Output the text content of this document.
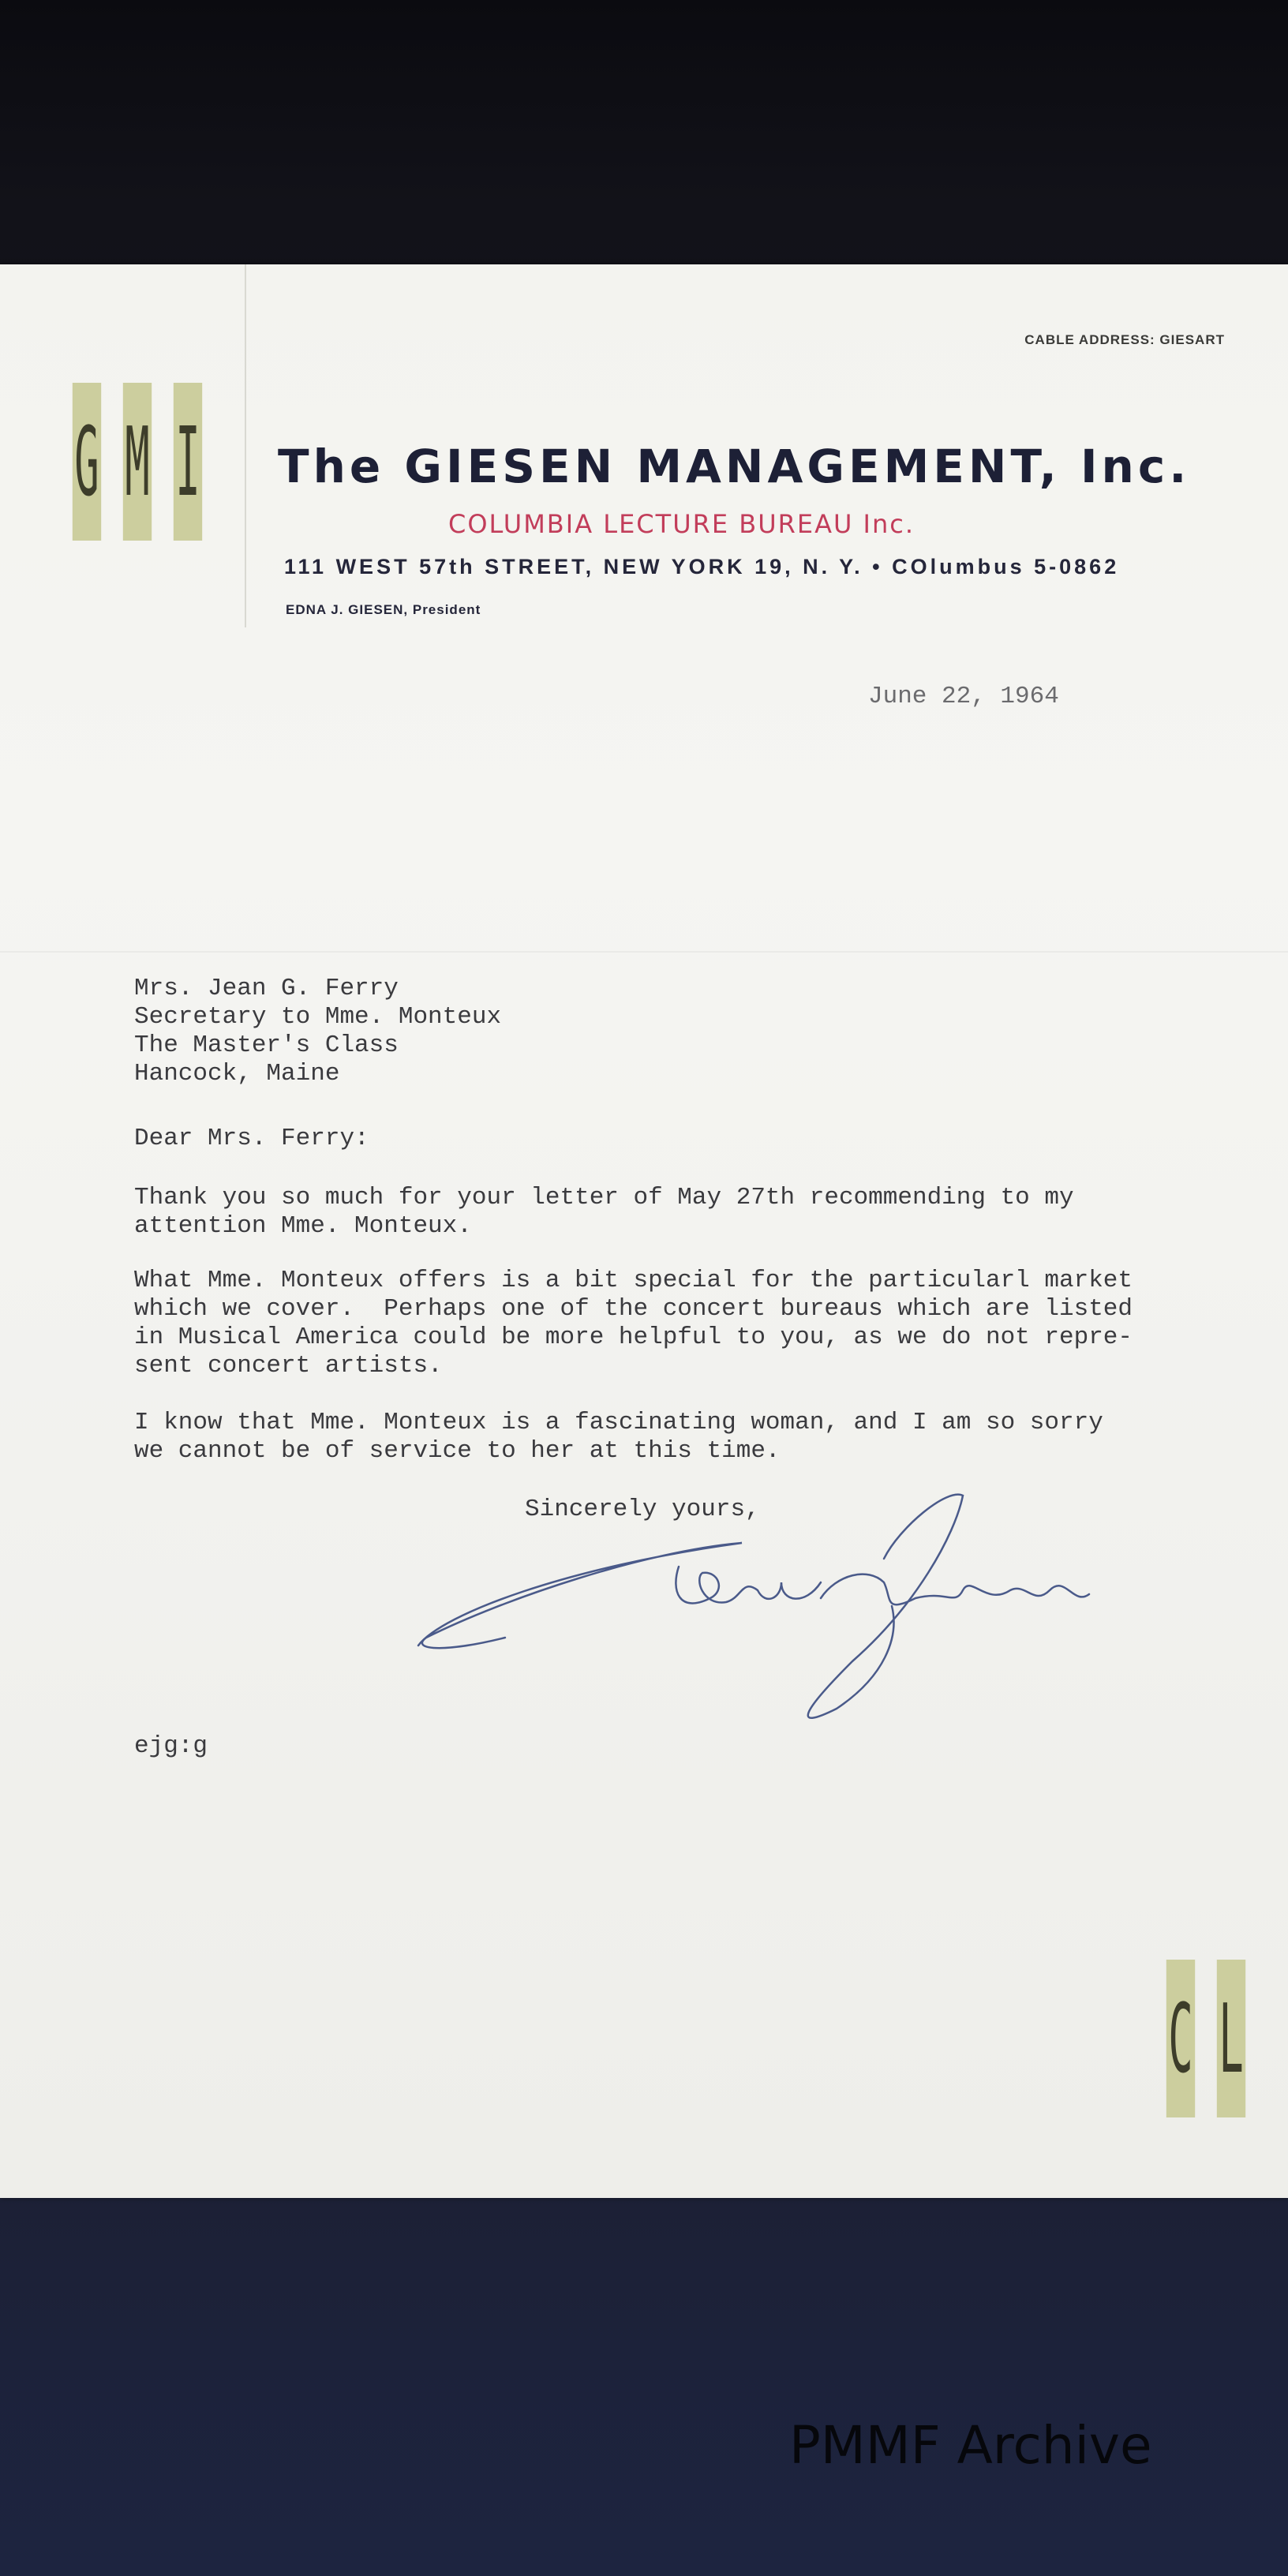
G M I
CABLE ADDRESS: GIESART
The GIESEN MANAGEMENT, Inc.
COLUMBIA LECTURE BUREAU Inc.
111 WEST 57th STREET, NEW YORK 19, N. Y. • COlumbus 5-0862
EDNA J. GIESEN, President
June 22, 1964
Mrs. Jean G. Ferry
Secretary to Mme. Monteux
The Master's Class
Hancock, Maine
Dear Mrs. Ferry:
Thank you so much for your letter of May 27th recommending to my
attention Mme. Monteux.
What Mme. Monteux offers is a bit special for the particularl market
which we cover.  Perhaps one of the concert bureaus which are listed
in Musical America could be more helpful to you, as we do not repre-
sent concert artists.
I know that Mme. Monteux is a fascinating woman, and I am so sorry
we cannot be of service to her at this time.
Sincerely yours,
ejg:g
C L
PMMF Archive
